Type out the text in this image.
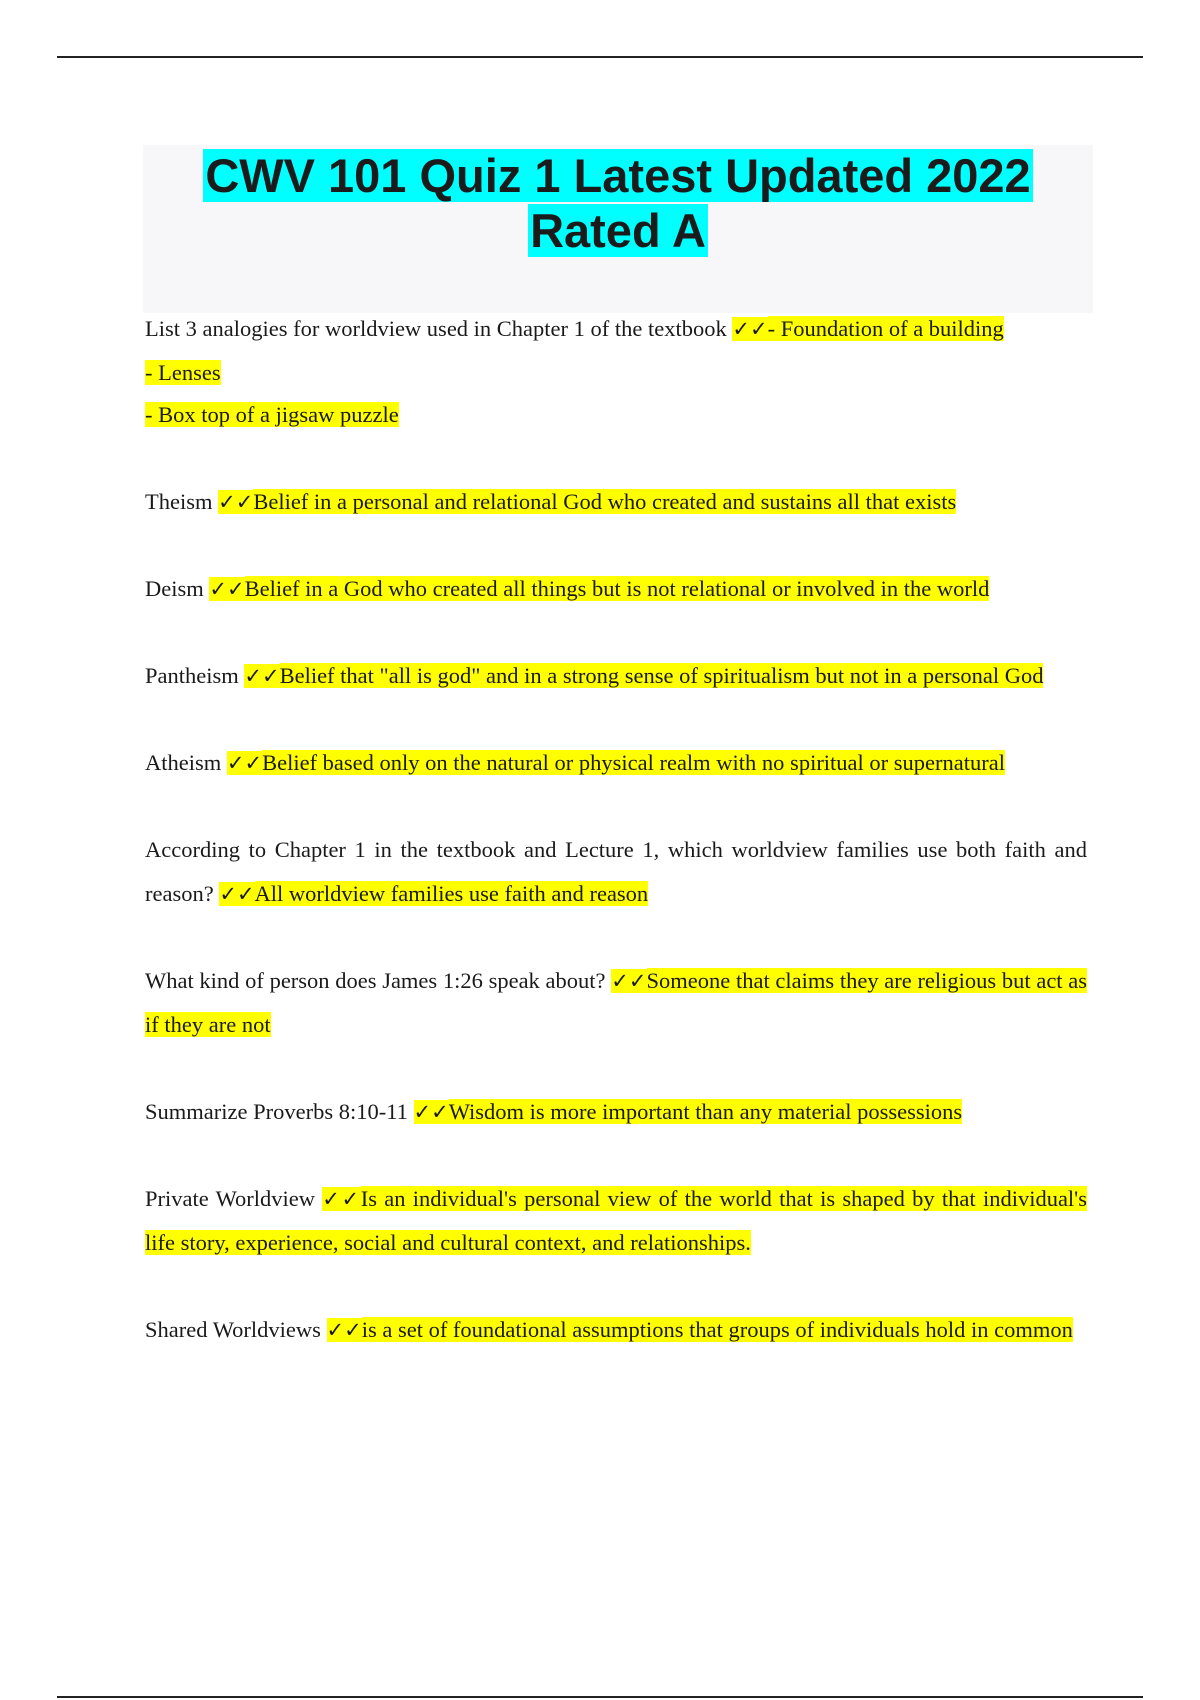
CWV 101 Quiz 1 Latest Updated 2022
Rated A

List 3 analogies for worldview used in Chapter 1 of the textbook ✓✓- Foundation of a building
- Lenses
- Box top of a jigsaw puzzle

Theism ✓✓Belief in a personal and relational God who created and sustains all that exists

Deism ✓✓Belief in a God who created all things but is not relational or involved in the world

Pantheism ✓✓Belief that "all is god" and in a strong sense of spiritualism but not in a personal God

Atheism ✓✓Belief based only on the natural or physical realm with no spiritual or supernatural

According to Chapter 1 in the textbook and Lecture 1, which worldview families use both faith and reason? ✓✓All worldview families use faith and reason

What kind of person does James 1:26 speak about? ✓✓Someone that claims they are religious but act as if they are not

Summarize Proverbs 8:10-11 ✓✓Wisdom is more important than any material possessions

Private Worldview ✓✓Is an individual's personal view of the world that is shaped by that individual's life story, experience, social and cultural context, and relationships.

Shared Worldviews ✓✓is a set of foundational assumptions that groups of individuals hold in common
